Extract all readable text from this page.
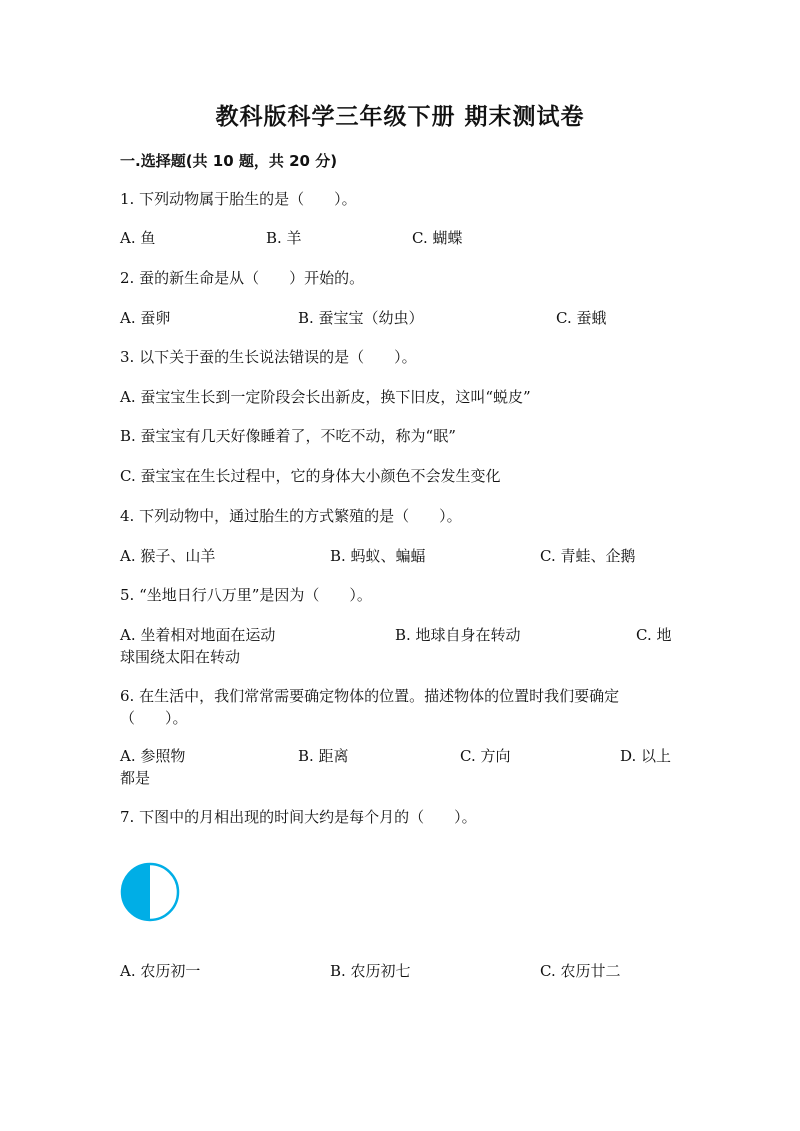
教科版科学三年级下册 期末测试卷
一.选择题(共 10 题，共 20 分)
1. 下列动物属于胎生的是（　　）。
A. 鱼	B. 羊	C. 蝴蝶
2. 蚕的新生命是从（　　）开始的。
A. 蚕卵	B. 蚕宝宝（幼虫）	C. 蚕蛾
3. 以下关于蚕的生长说法错误的是（　　）。
A. 蚕宝宝生长到一定阶段会长出新皮，换下旧皮，这叫“蜕皮”
B. 蚕宝宝有几天好像睡着了，不吃不动，称为“眠”
C. 蚕宝宝在生长过程中，它的身体大小颜色不会发生变化
4. 下列动物中，通过胎生的方式繁殖的是（　　）。
A. 猴子、山羊	B. 蚂蚁、蝙蝠	C. 青蛙、企鹅
5. “坐地日行八万里”是因为（　　）。
A. 坐着相对地面在运动	B. 地球自身在转动	C. 地
球围绕太阳在转动
6. 在生活中，我们常常需要确定物体的位置。描述物体的位置时我们要确定
（　　）。
A. 参照物	B. 距离	C. 方向	D. 以上
都是
7. 下图中的月相出现的时间大约是每个月的（　　）。
A. 农历初一	B. 农历初七	C. 农历廿二
